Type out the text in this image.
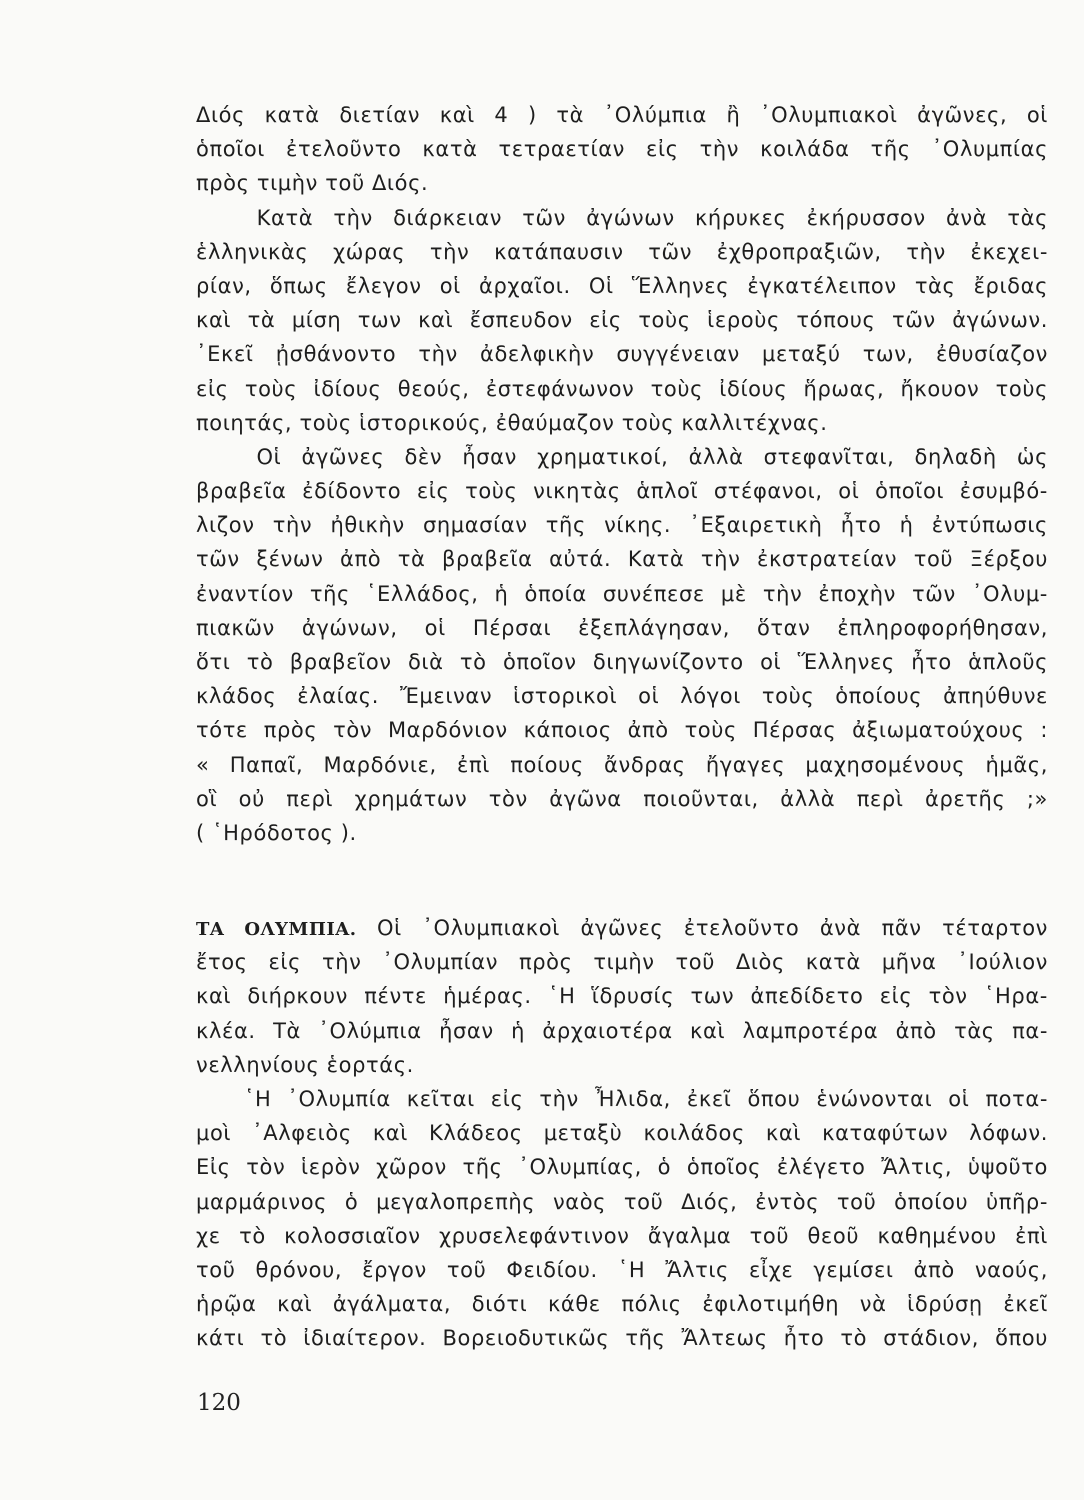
Διός κατὰ διετίαν καὶ 4 ) τὰ ᾿Ολύμπια ἢ ᾿Ολυμπιακοὶ ἀγῶνες, οἱ
ὁποῖοι ἐτελοῦντο κατὰ τετραετίαν εἰς τὴν κοιλάδα τῆς ᾿Ολυμπίας
πρὸς τιμὴν τοῦ Διός.
Κατὰ τὴν διάρκειαν τῶν ἀγώνων κήρυκες ἐκήρυσσον ἀνὰ τὰς
ἑλληνικὰς χώρας τὴν κατάπαυσιν τῶν ἐχθροπραξιῶν, τὴν ἐκεχει-
ρίαν, ὅπως ἔλεγον οἱ ἀρχαῖοι. Οἱ Ἕλληνες ἐγκατέλειπον τὰς ἔριδας
καὶ τὰ μίση των καὶ ἔσπευδον εἰς τοὺς ἱεροὺς τόπους τῶν ἀγώνων.
᾿Εκεῖ ᾐσθάνοντο τὴν ἀδελφικὴν συγγένειαν μεταξύ των, ἐθυσίαζον
εἰς τοὺς ἰδίους θεούς, ἐστεφάνωνον τοὺς ἰδίους ἥρωας, ἤκουον τοὺς
ποιητάς, τοὺς ἱστορικούς, ἐθαύμαζον τοὺς καλλιτέχνας.
Οἱ ἀγῶνες δὲν ἦσαν χρηματικοί, ἀλλὰ στεφανῖται, δηλαδὴ ὡς
βραβεῖα ἐδίδοντο εἰς τοὺς νικητὰς ἁπλοῖ στέφανοι, οἱ ὁποῖοι ἐσυμβό-
λιζον τὴν ἠθικὴν σημασίαν τῆς νίκης. ᾿Εξαιρετικὴ ἦτο ἡ ἐντύπωσις
τῶν ξένων ἀπὸ τὰ βραβεῖα αὐτά. Κατὰ τὴν ἐκστρατείαν τοῦ Ξέρξου
ἐναντίον τῆς ῾Ελλάδος, ἡ ὁποία συνέπεσε μὲ τὴν ἐποχὴν τῶν ᾿Ολυμ-
πιακῶν ἀγώνων, οἱ Πέρσαι ἐξεπλάγησαν, ὅταν ἐπληροφορήθησαν,
ὅτι τὸ βραβεῖον διὰ τὸ ὁποῖον διηγωνίζοντο οἱ Ἕλληνες ἦτο ἁπλοῦς
κλάδος ἐλαίας. Ἔμειναν ἱστορικοὶ οἱ λόγοι τοὺς ὁποίους ἀπηύθυνε
τότε πρὸς τὸν Μαρδόνιον κάποιος ἀπὸ τοὺς Πέρσας ἀξιωματούχους :
« Παπαῖ, Μαρδόνιε, ἐπὶ ποίους ἄνδρας ἤγαγες μαχησομένους ἡμᾶς,
οἳ οὐ περὶ χρημάτων τὸν ἀγῶνα ποιοῦνται, ἀλλὰ περὶ ἀρετῆς ;»
( ῾Ηρόδοτος ).
ΤΑ ΟΛΥΜΠΙΑ. Οἱ ᾿Ολυμπιακοὶ ἀγῶνες ἐτελοῦντο ἀνὰ πᾶν τέταρτον
ἔτος εἰς τὴν ᾿Ολυμπίαν πρὸς τιμὴν τοῦ Διὸς κατὰ μῆνα ᾿Ιούλιον
καὶ διήρκουν πέντε ἡμέρας. ῾Η ἵδρυσίς των ἀπεδίδετο εἰς τὸν ῾Ηρα-
κλέα. Τὰ ᾿Ολύμπια ἦσαν ἡ ἀρχαιοτέρα καὶ λαμπροτέρα ἀπὸ τὰς πα-
νελληνίους ἑορτάς.
῾Η ᾿Ολυμπία κεῖται εἰς τὴν Ἦλιδα, ἐκεῖ ὅπου ἑνώνονται οἱ ποτα-
μοὶ ᾿Αλφειὸς καὶ Κλάδεος μεταξὺ κοιλάδος καὶ καταφύτων λόφων.
Εἰς τὸν ἱερὸν χῶρον τῆς ᾿Ολυμπίας, ὁ ὁποῖος ἐλέγετο Ἄλτις, ὑψοῦτο
μαρμάρινος ὁ μεγαλοπρεπὴς ναὸς τοῦ Διός, ἐντὸς τοῦ ὁποίου ὑπῆρ-
χε τὸ κολοσσιαῖον χρυσελεφάντινον ἄγαλμα τοῦ θεοῦ καθημένου ἐπὶ
τοῦ θρόνου, ἔργον τοῦ Φειδίου. ῾Η Ἄλτις εἶχε γεμίσει ἀπὸ ναούς,
ἡρῷα καὶ ἀγάλματα, διότι κάθε πόλις ἐφιλοτιμήθη νὰ ἱδρύσῃ ἐκεῖ
κάτι τὸ ἰδιαίτερον. Βορειοδυτικῶς τῆς Ἄλτεως ἦτο τὸ στάδιον, ὅπου
120
